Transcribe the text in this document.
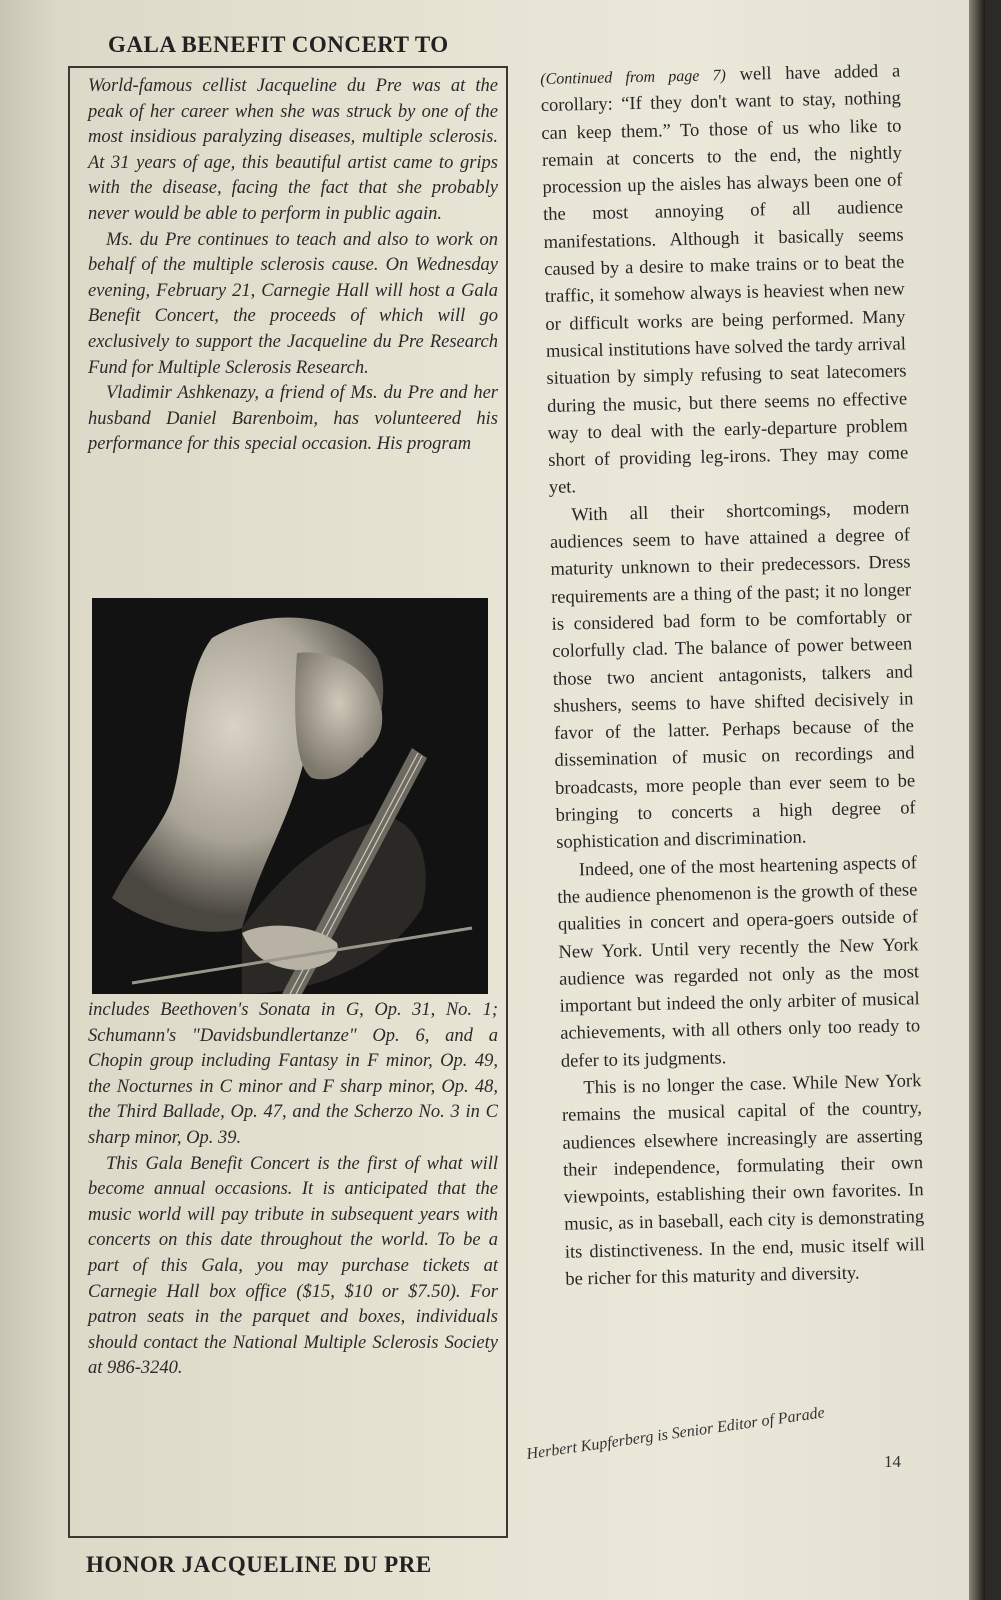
GALA BENEFIT CONCERT TO

World-famous cellist Jacqueline du Pre was at the peak of her career when she was struck by one of the most insidious paralyzing diseases, multiple sclerosis. At 31 years of age, this beautiful artist came to grips with the disease, facing the fact that she probably never would be able to perform in public again.

Ms. du Pre continues to teach and also to work on behalf of the multiple sclerosis cause. On Wednesday evening, February 21, Carnegie Hall will host a Gala Benefit Concert, the proceeds of which will go exclusively to support the Jacqueline du Pre Research Fund for Multiple Sclerosis Research.

Vladimir Ashkenazy, a friend of Ms. du Pre and her husband Daniel Barenboim, has volunteered his performance for this special occasion. His program

includes Beethoven's Sonata in G, Op. 31, No. 1; Schumann's "Davidsbundlertanze" Op. 6, and a Chopin group including Fantasy in F minor, Op. 49, the Nocturnes in C minor and F sharp minor, Op. 48, the Third Ballade, Op. 47, and the Scherzo No. 3 in C sharp minor, Op. 39.

This Gala Benefit Concert is the first of what will become annual occasions. It is anticipated that the music world will pay tribute in subsequent years with concerts on this date throughout the world. To be a part of this Gala, you may purchase tickets at Carnegie Hall box office ($15, $10 or $7.50). For patron seats in the parquet and boxes, individuals should contact the National Multiple Sclerosis Society at 986-3240.

HONOR JACQUELINE DU PRE

(Continued from page 7) well have added a corollary: “If they don't want to stay, nothing can keep them.” To those of us who like to remain at concerts to the end, the nightly procession up the aisles has always been one of the most annoying of all audience manifestations. Although it basically seems caused by a desire to make trains or to beat the traffic, it somehow always is heaviest when new or difficult works are being performed. Many musical institutions have solved the tardy arrival situation by simply refusing to seat latecomers during the music, but there seems no effective way to deal with the early-departure problem short of providing leg-irons. They may come yet.

With all their shortcomings, modern audiences seem to have attained a degree of maturity unknown to their predecessors. Dress requirements are a thing of the past; it no longer is considered bad form to be comfortably or colorfully clad. The balance of power between those two ancient antagonists, talkers and shushers, seems to have shifted decisively in favor of the latter. Perhaps because of the dissemination of music on recordings and broadcasts, more people than ever seem to be bringing to concerts a high degree of sophistication and discrimination.

Indeed, one of the most heartening aspects of the audience phenomenon is the growth of these qualities in concert and opera-goers outside of New York. Until very recently the New York audience was regarded not only as the most important but indeed the only arbiter of musical achievements, with all others only too ready to defer to its judgments.

This is no longer the case. While New York remains the musical capital of the country, audiences elsewhere increasingly are asserting their independence, formulating their own viewpoints, establishing their own favorites. In music, as in baseball, each city is demonstrating its distinctiveness. In the end, music itself will be richer for this maturity and diversity.

Herbert Kupferberg is Senior Editor of Parade	14
